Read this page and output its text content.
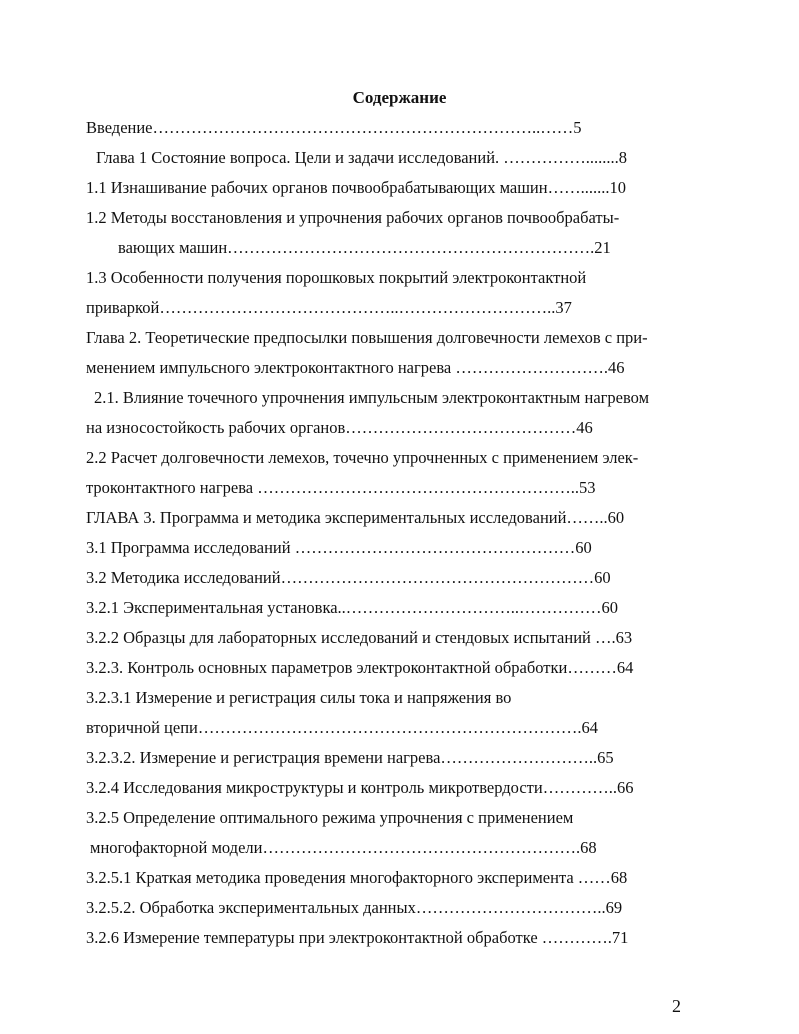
Содержание
Введение……………………………………………………………..……5
Глава 1 Состояние вопроса. Цели и задачи исследований. ……………........8
1.1 Изнашивание рабочих органов почвообрабатывающих машин…….......10
1.2 Методы восстановления и упрочнения рабочих органов почвообрабаты-
вающих машин………………………………………………………….21
1.3 Особенности получения порошковых покрытий электроконтактной
приваркой……………………………………..………………………..37
Глава 2. Теоретические предпосылки повышения долговечности лемехов с при-
менением импульсного электроконтактного нагрева ……………………….46
2.1. Влияние точечного упрочнения импульсным электроконтактным нагревом
на износостойкость рабочих органов……………………………………46
2.2 Расчет долговечности лемехов, точечно упрочненных с применением элек-
троконтактного нагрева …………………………………………………..53
ГЛАВА 3. Программа и методика экспериментальных исследований……..60
3.1 Программа исследований ……………………………………………60
3.2 Методика исследований…………………………………………………60
3.2.1 Экспериментальная установка..…………………………..……………60
3.2.2 Образцы для лабораторных исследований и стендовых испытаний ….63
3.2.3. Контроль основных параметров электроконтактной обработки………64
3.2.3.1 Измерение и регистрация силы тока и напряжения во
вторичной цепи…………………………………………………………….64
3.2.3.2. Измерение и регистрация времени нагрева………………………..65
3.2.4 Исследования микроструктуры и контроль микротвердости…………..66
3.2.5 Определение оптимального режима упрочнения с применением
многофакторной модели………………………………………………….68
3.2.5.1 Краткая методика проведения многофакторного эксперимента ……68
3.2.5.2. Обработка экспериментальных данных……………………………..69
3.2.6 Измерение температуры при электроконтактной обработке ………….71
2
